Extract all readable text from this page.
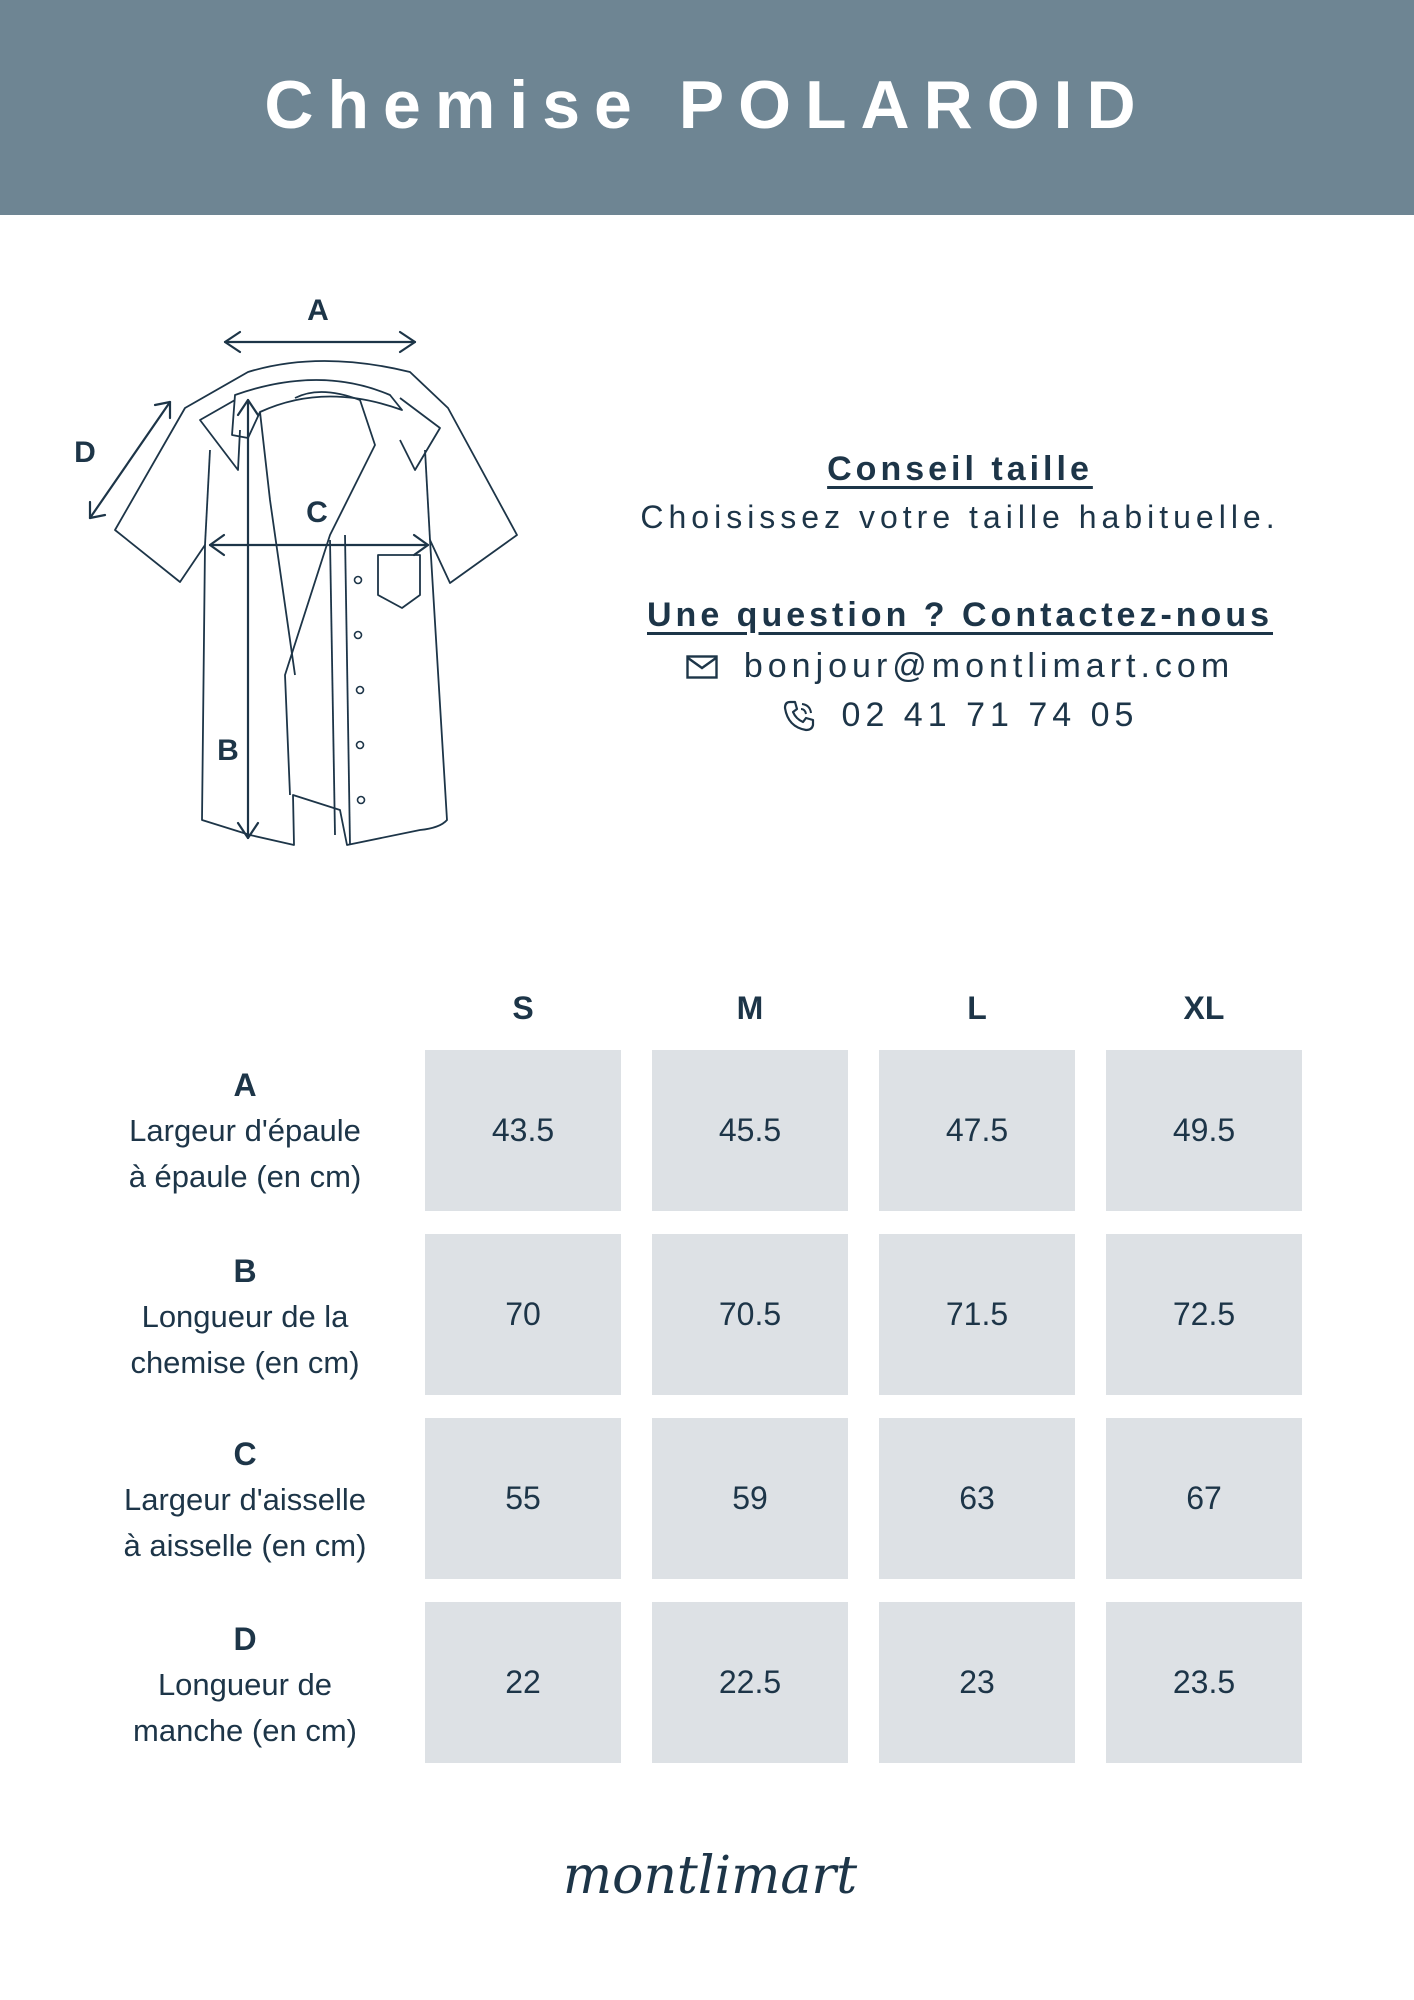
Chemise POLAROID
A
D
C
B
Conseil taille
Choisissez votre taille habituelle.
Une question ? Contactez-nous
bonjour@montlimart.com
02 41 71 74 05
S	M	L	XL
A
Largeur d'épaule
à épaule (en cm)
43.5	45.5	47.5	49.5
B
Longueur de la
chemise (en cm)
70	70.5	71.5	72.5
C
Largeur d'aisselle
à aisselle (en cm)
55	59	63	67
D
Longueur de
manche (en cm)
22	22.5	23	23.5
montlimart
